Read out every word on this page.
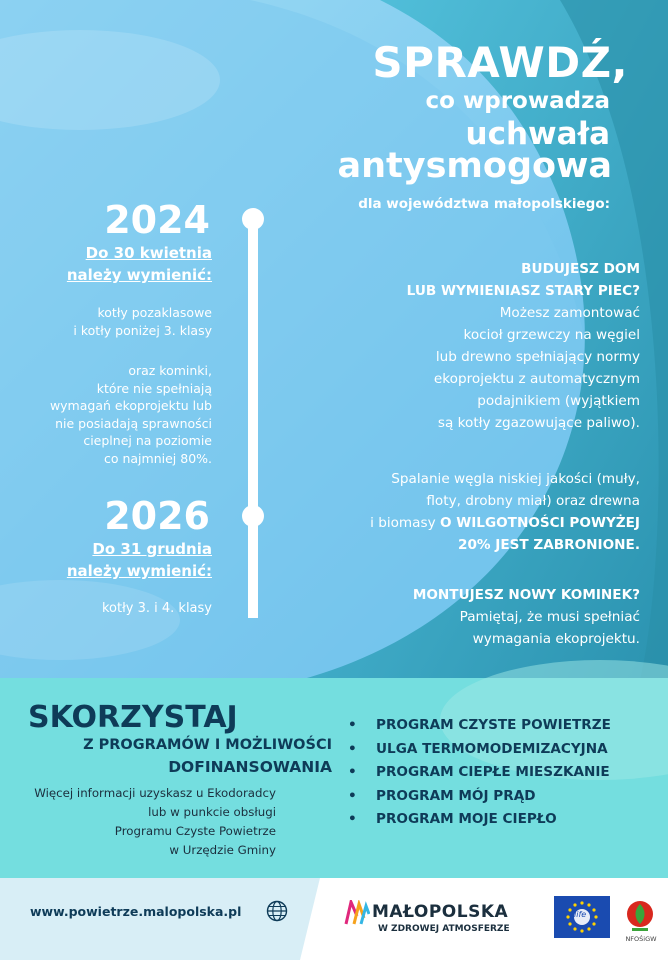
SPRAWDŹ,
co wprowadza
uchwała
antysmogowa
dla województwa małopolskiego:
2024
Do 30 kwietnia
należy wymienić:
kotły pozaklasowe
i kotły poniżej 3. klasy
oraz kominki,
które nie spełniają
wymagań ekoprojektu lub
nie posiadają sprawności
cieplnej na poziomie
co najmniej 80%.
2026
Do 31 grudnia
należy wymienić:
kotły 3. i 4. klasy
BUDUJESZ DOM
LUB WYMIENIASZ STARY PIEC?
Możesz zamontować
kocioł grzewczy na węgiel
lub drewno spełniający normy
ekoprojektu z automatycznym
podajnikiem (wyjątkiem
są kotły zgazowujące paliwo).
Spalanie węgla niskiej jakości (muły,
floty, drobny miał) oraz drewna
i biomasy O WILGOTNOŚCI POWYŻEJ
20% JEST ZABRONIONE.
MONTUJESZ NOWY KOMINEK?
Pamiętaj, że musi spełniać
wymagania ekoprojektu.
SKORZYSTAJ
Z PROGRAMÓW I MOŻLIWOŚCI
DOFINANSOWANIA
Więcej informacji uzyskasz u Ekodoradcy
lub w punkcie obsługi
Programu Czyste Powietrze
w Urzędzie Gminy
• PROGRAM CZYSTE POWIETRZE
• ULGA TERMOMODEMIZACYJNA
• PROGRAM CIEPŁE MIESZKANIE
• PROGRAM MÓJ PRĄD
• PROGRAM MOJE CIEPŁO
www.powietrze.malopolska.pl	MAŁOPOLSKA
W ZDROWEJ ATMOSFERZE
life
NFOŚiGW
